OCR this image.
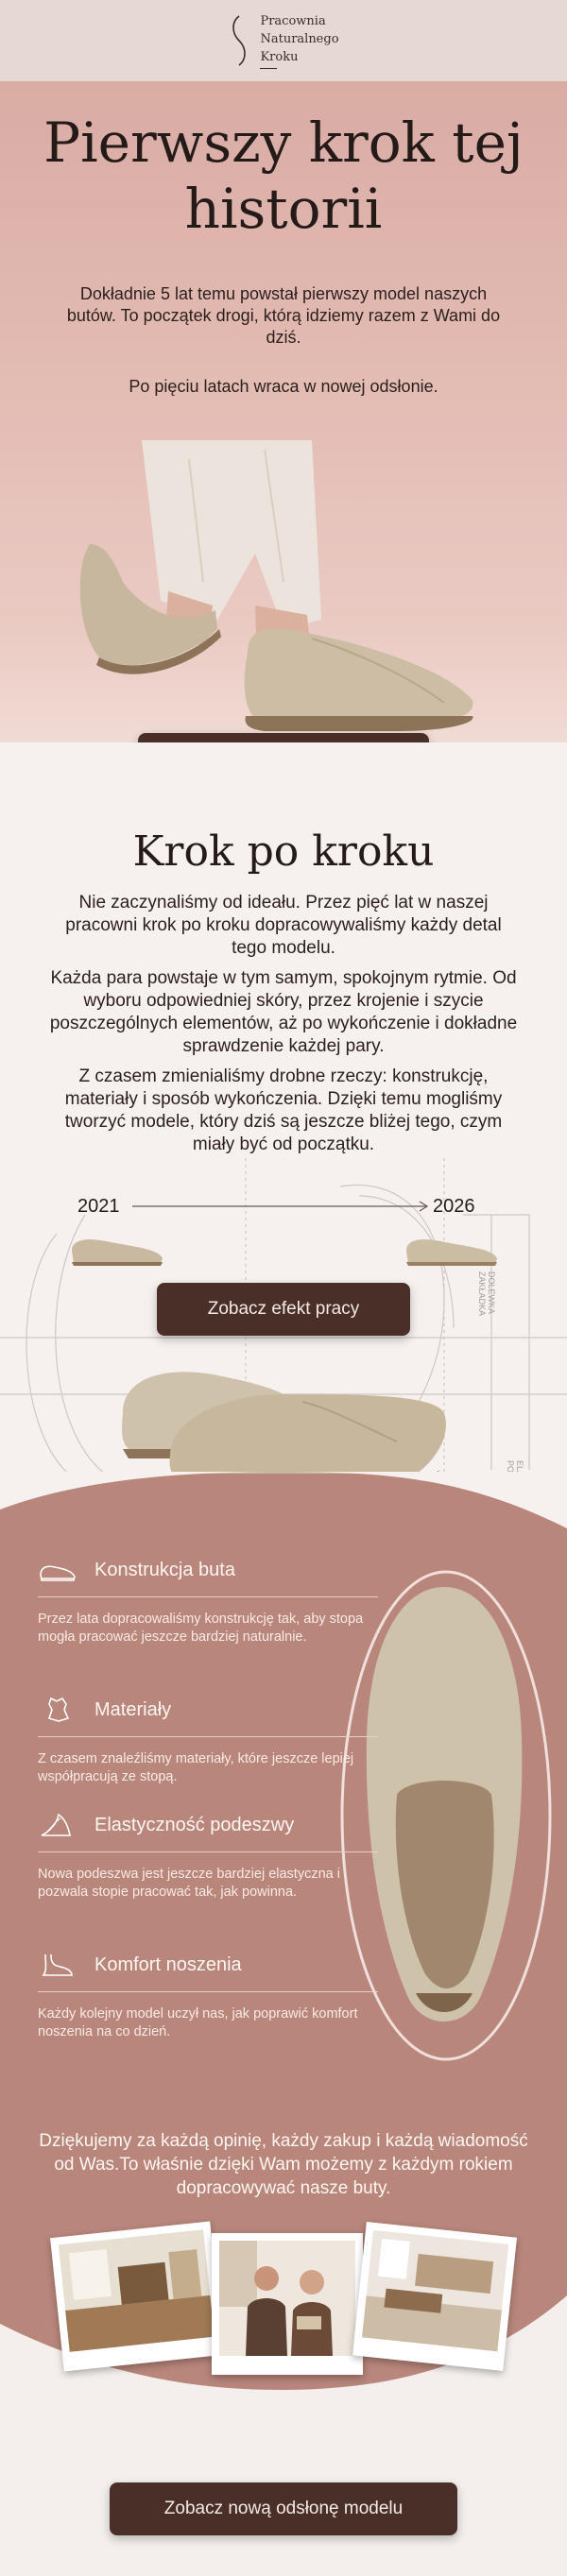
Pracownia
Naturalnego
Kroku
Pierwszy krok tej historii
Dokładnie 5 lat temu powstał pierwszy model naszych butów. To początek drogi, którą idziemy razem z Wami do dziś.
Po pięciu latach wraca w nowej odsłonie.
DOLEWKA ZAKŁADKA
Krok po kroku
Nie zaczynaliśmy od ideału. Przez pięć lat w naszej pracowni krok po kroku dopracowywaliśmy każdy detal tego modelu.
Każda para powstaje w tym samym, spokojnym rytmie. Od wyboru odpowiedniej skóry, przez krojenie i szycie poszczególnych elementów, aż po wykończenie i dokładne sprawdzenie każdej pary.
Z czasem zmienialiśmy drobne rzeczy: konstrukcję, materiały i sposób wykończenia. Dzięki temu mogliśmy tworzyć modele, który dziś są jeszcze bliżej tego, czym miały być od początku.
2021	2026
Zobacz efekt pracy
Konstrukcja buta
Przez lata dopracowaliśmy konstrukcję tak, aby stopa mogła pracować jeszcze bardziej naturalnie.
Materiały
Z czasem znaleźliśmy materiały, które jeszcze lepiej współpracują ze stopą.
Elastyczność podeszwy
Nowa podeszwa jest jeszcze bardziej elastyczna i pozwala stopie pracować tak, jak powinna.
Komfort noszenia
Każdy kolejny model uczył nas, jak poprawić komfort noszenia na co dzień.
Dziękujemy za każdą opinię, każdy zakup i każdą wiadomość od Was.To właśnie dzięki Wam możemy z każdym rokiem dopracowywać nasze buty.
Zobacz nową odsłonę modelu
